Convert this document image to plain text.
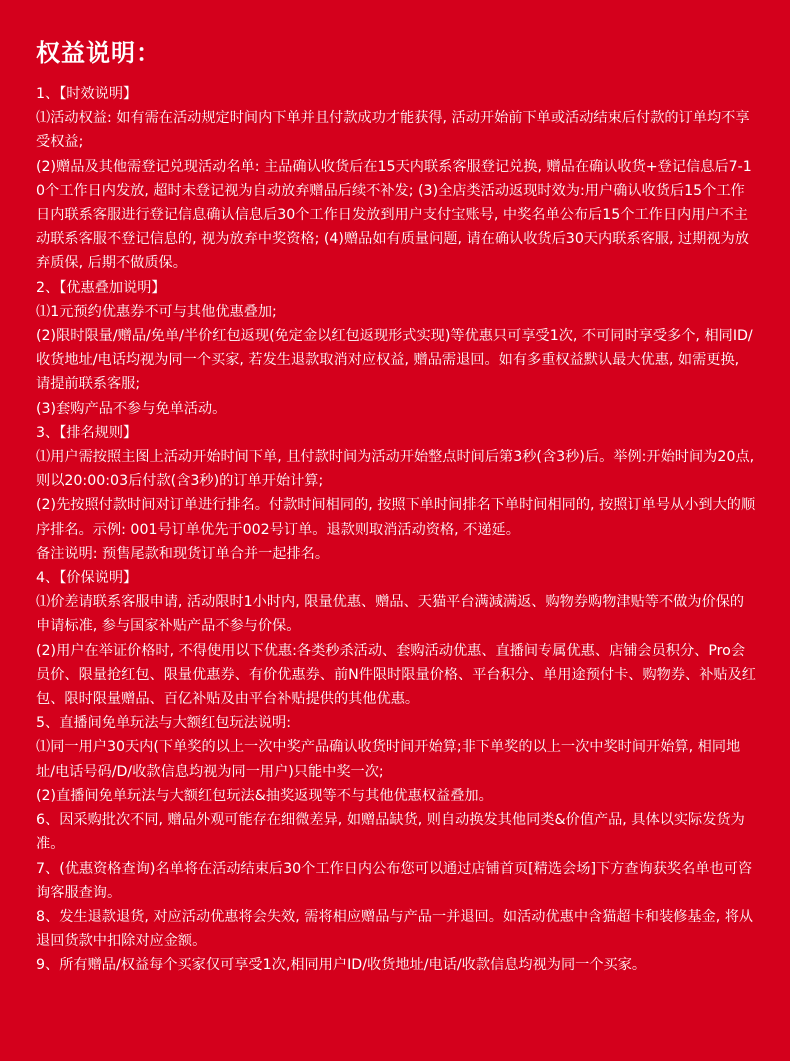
权益说明：

1、【时效说明】

⑴活动权益: 如有需在活动规定时间内下单并且付款成功才能获得, 活动开始前下单或活动结束后付款的订单均不享受权益;

(2)赠品及其他需登记兑现活动名单: 主品确认收货后在15天内联系客服登记兑换, 赠品在确认收货+登记信息后7-10个工作日内发放, 超时未登记视为自动放弃赠品后续不补发; (3)全店类活动返现时效为:用户确认收货后15个工作日内联系客服进行登记信息确认信息后30个工作日发放到用户支付宝账号, 中奖名单公布后15个工作日内用户不主动联系客服不登记信息的, 视为放弃中奖资格; (4)赠品如有质量问题, 请在确认收货后30天内联系客服, 过期视为放弃质保, 后期不做质保。

2、【优惠叠加说明】

⑴1元预约优惠券不可与其他优惠叠加;

(2)限时限量/赠品/免单/半价红包返现(免定金以红包返现形式实现)等优惠只可享受1次, 不可同时享受多个, 相同ID/收货地址/电话均视为同一个买家, 若发生退款取消对应权益, 赠品需退回。如有多重权益默认最大优惠, 如需更换, 请提前联系客服;

(3)套购产品不参与免单活动。

3、【排名规则】

⑴用户需按照主图上活动开始时间下单, 且付款时间为活动开始整点时间后第3秒(含3秒)后。举例:开始时间为20点, 则以20:00:03后付款(含3秒)的订单开始计算;

(2)先按照付款时间对订单进行排名。付款时间相同的, 按照下单时间排名下单时间相同的, 按照订单号从小到大的顺序排名。示例: 001号订单优先于002号订单。退款则取消活动资格, 不递延。

备注说明: 预售尾款和现货订单合并一起排名。

4、【价保说明】

⑴价差请联系客服申请, 活动限时1小时内, 限量优惠、赠品、天猫平台满減满返、购物券购物津贴等不做为价保的申请标准, 参与国家补贴产品不参与价保。

(2)用户在举证价格时, 不得使用以下优惠:各类秒杀活动、套购活动优惠、直播间专属优惠、店铺会员积分、Pro会员价、限量抢红包、限量优惠券、有价优惠券、前N件限时限量价格、平台积分、单用途预付卡、购物券、补贴及红包、限时限量赠品、百亿补贴及由平台补贴提供的其他优惠。

5、直播间免单玩法与大额红包玩法说明:

⑴同一用户30天内(下单奖的以上一次中奖产品确认收货时间开始算;非下单奖的以上一次中奖时间开始算, 相同地址/电话号码/D/收款信息均视为同一用户)只能中奖一次;

(2)直播间免单玩法与大额红包玩法&抽奖返现等不与其他优惠权益叠加。

6、因采购批次不同, 赠品外观可能存在细微差异, 如赠品缺货, 则自动换发其他同类&价值产品, 具体以实际发货为准。

7、(优惠资格查询)名单将在活动结束后30个工作日内公布您可以通过店铺首页[精选会场]下方查询获奖名单也可咨询客服查询。

8、发生退款退货, 对应活动优惠将会失效, 需将相应赠品与产品一并退回。如活动优惠中含猫超卡和装修基金, 将从退回货款中扣除对应金额。

9、所有赠品/权益每个买家仅可享受1次,相同用户ID/收货地址/电话/收款信息均视为同一个买家。
